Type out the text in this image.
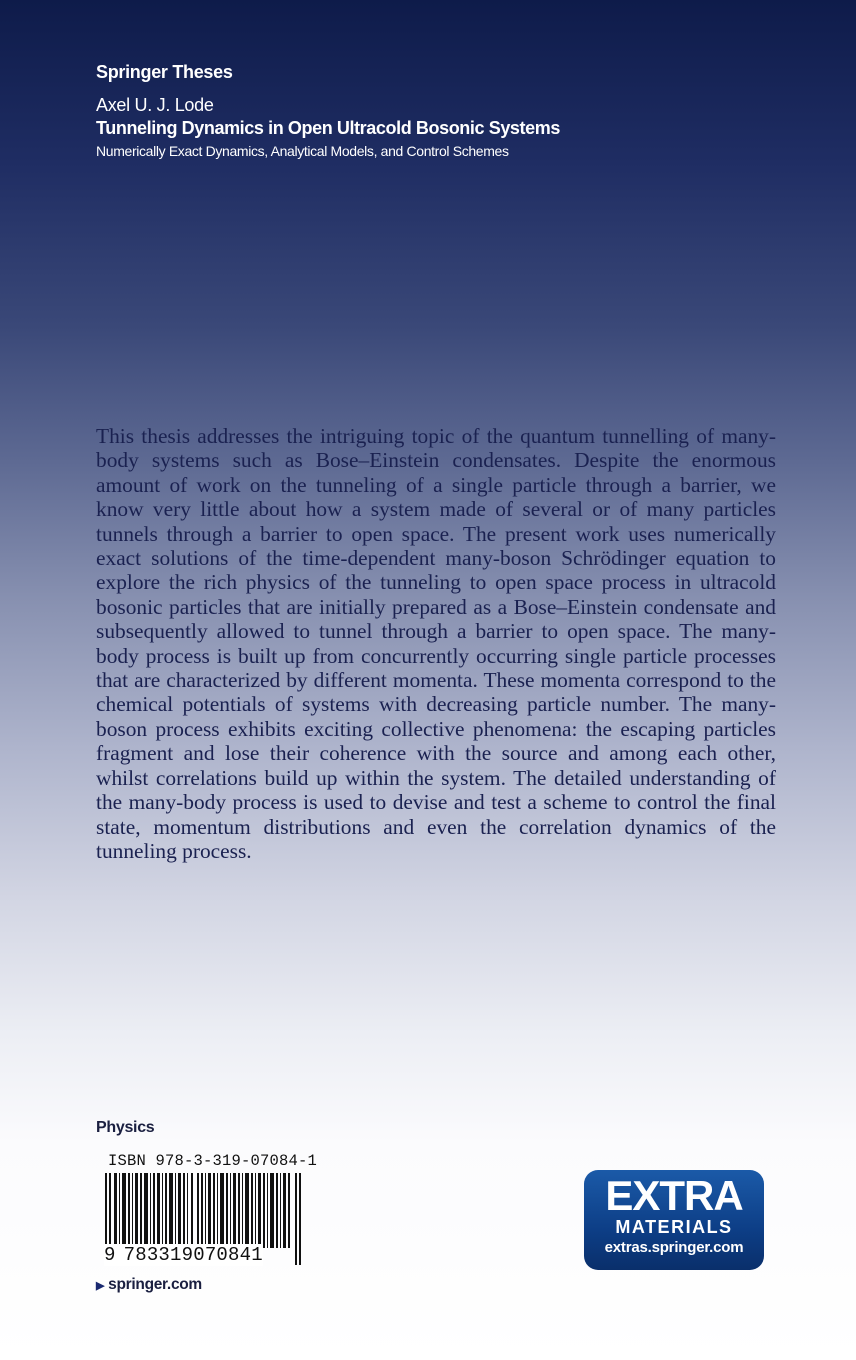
Springer Theses
Axel U. J. Lode
Tunneling Dynamics in Open Ultracold Bosonic Systems
Numerically Exact Dynamics, Analytical Models, and Control Schemes

This thesis addresses the intriguing topic of the quantum tunnelling of many-body systems such as Bose–Einstein condensates. Despite the enormous amount of work on the tunneling of a single particle through a barrier, we know very little about how a system made of several or of many particles tunnels through a barrier to open space. The present work uses numerically exact solutions of the time-dependent many-boson Schrödinger equation to explore the rich physics of the tunneling to open space process in ultracold bosonic particles that are initially prepared as a Bose–Einstein condensate and subsequently allowed to tunnel through a barrier to open space. The many-body process is built up from concurrently occurring single particle processes that are characterized by different momenta. These momenta correspond to the chemical potentials of systems with decreasing particle number. The many-boson process exhibits exciting collective phenomena: the escaping particles fragment and lose their coherence with the source and among each other, whilst correlations build up within the system. The detailed understanding of the many-body process is used to devise and test a scheme to control the final state, momentum distributions and even the correlation dynamics of the tunneling process.

Physics
ISBN 978-3-319-07084-1
9 783319070841
▶ springer.com
EXTRA
MATERIALS
extras.springer.com
